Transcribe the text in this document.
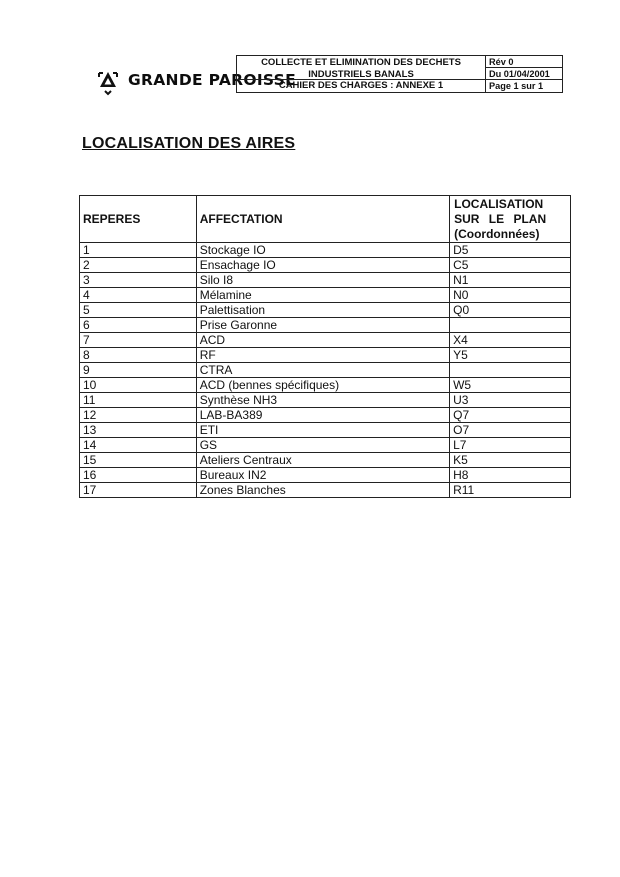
GRANDE PAROISSE
COLLECTE ET ELIMINATION DES DECHETS
INDUSTRIELS BANALS
CAHIER DES CHARGES : ANNEXE 1
Rév 0
Du 01/04/2001
Page 1 sur 1
LOCALISATION DES AIRES
REPERES	AFFECTATION	LOCALISATION
SUR LE PLAN
(Coordonnées)

1	Stockage IO	D5
2	Ensachage IO	C5
3	Silo I8	N1
4	Mélamine	N0
5	Palettisation	Q0
6	Prise Garonne	
7	ACD	X4
8	RF	Y5
9	CTRA	
10	ACD (bennes spécifiques)	W5
11	Synthèse NH3	U3
12	LAB-BA389	Q7
13	ETI	O7
14	GS	L7
15	Ateliers Centraux	K5
16	Bureaux IN2	H8
17	Zones Blanches	R11
